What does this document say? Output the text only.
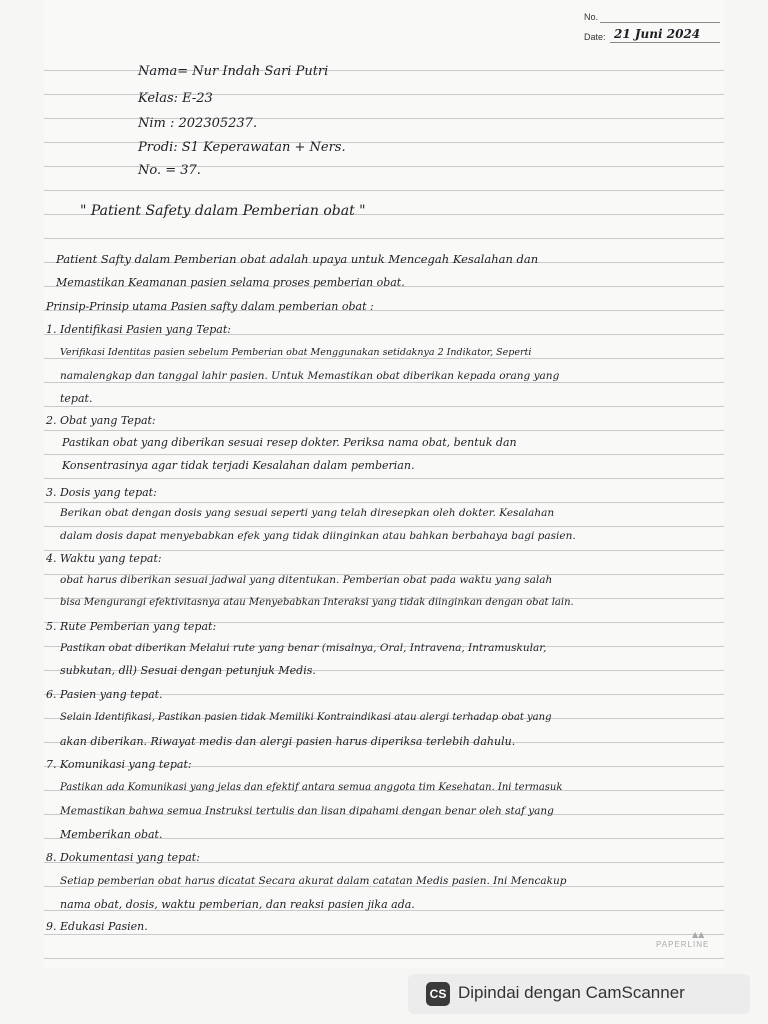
No.
Date: 21 Juni 2024
▲▲
PAPERLINE
Nama= Nur Indah Sari Putri
Kelas: E-23
Nim : 202305237.
Prodi: S1 Keperawatan + Ners.
No. = 37.
" Patient Safety dalam Pemberian obat "
Patient Safty dalam Pemberian obat adalah upaya untuk Mencegah Kesalahan dan
Memastikan Keamanan pasien selama proses pemberian obat.
Prinsip-Prinsip utama Pasien safty dalam pemberian obat :
1. Identifikasi Pasien yang Tepat:
Verifikasi Identitas pasien sebelum Pemberian obat Menggunakan setidaknya 2 Indikator, Seperti
namalengkap dan tanggal lahir pasien. Untuk Memastikan obat diberikan kepada orang yang
tepat.
2. Obat yang Tepat:
Pastikan obat yang diberikan sesuai resep dokter. Periksa nama obat, bentuk dan
Konsentrasinya agar tidak terjadi Kesalahan dalam pemberian.
3. Dosis yang tepat:
Berikan obat dengan dosis yang sesuai seperti yang telah diresepkan oleh dokter. Kesalahan
dalam dosis dapat menyebabkan efek yang tidak diinginkan atau bahkan berbahaya bagi pasien.
4. Waktu yang tepat:
obat harus diberikan sesuai jadwal yang ditentukan. Pemberian obat pada waktu yang salah
bisa Mengurangi efektivitasnya atau Menyebabkan Interaksi yang tidak diinginkan dengan obat lain.
5. Rute Pemberian yang tepat:
Pastikan obat diberikan Melalui rute yang benar (misalnya, Oral, Intravena, Intramuskular,
subkutan, dll) Sesuai dengan petunjuk Medis.
6. Pasien yang tepat.
Selain Identifikasi, Pastikan pasien tidak Memiliki Kontraindikasi atau alergi terhadap obat yang
akan diberikan. Riwayat medis dan alergi pasien harus diperiksa terlebih dahulu.
7. Komunikasi yang tepat:
Pastikan ada Komunikasi yang jelas dan efektif antara semua anggota tim Kesehatan. Ini termasuk
Memastikan bahwa semua Instruksi tertulis dan lisan dipahami dengan benar oleh staf yang
Memberikan obat.
8. Dokumentasi yang tepat:
Setiap pemberian obat harus dicatat Secara akurat dalam catatan Medis pasien. Ini Mencakup
nama obat, dosis, waktu pemberian, dan reaksi pasien jika ada.
9. Edukasi Pasien.
CS Dipindai dengan CamScanner
